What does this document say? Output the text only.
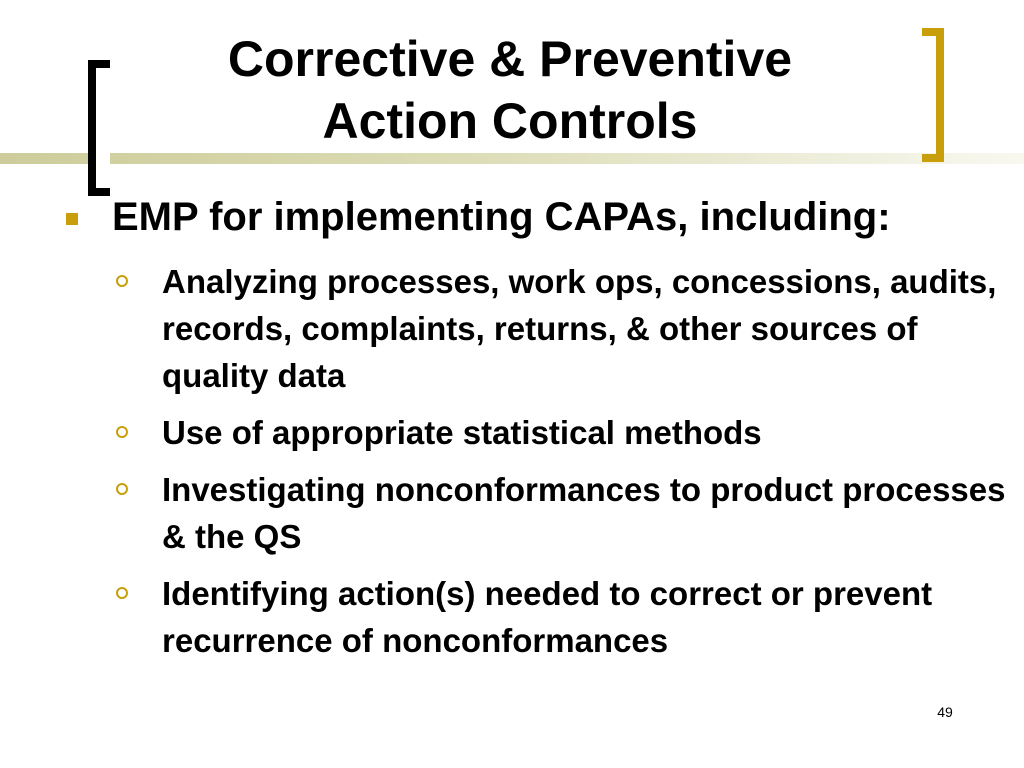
Corrective & Preventive
Action Controls
EMP for implementing CAPAs, including:
Analyzing processes, work ops, concessions, audits, records, complaints, returns, & other sources of quality data
Use of appropriate statistical methods
Investigating nonconformances to product processes & the QS
Identifying action(s) needed to correct or prevent recurrence of nonconformances
49
